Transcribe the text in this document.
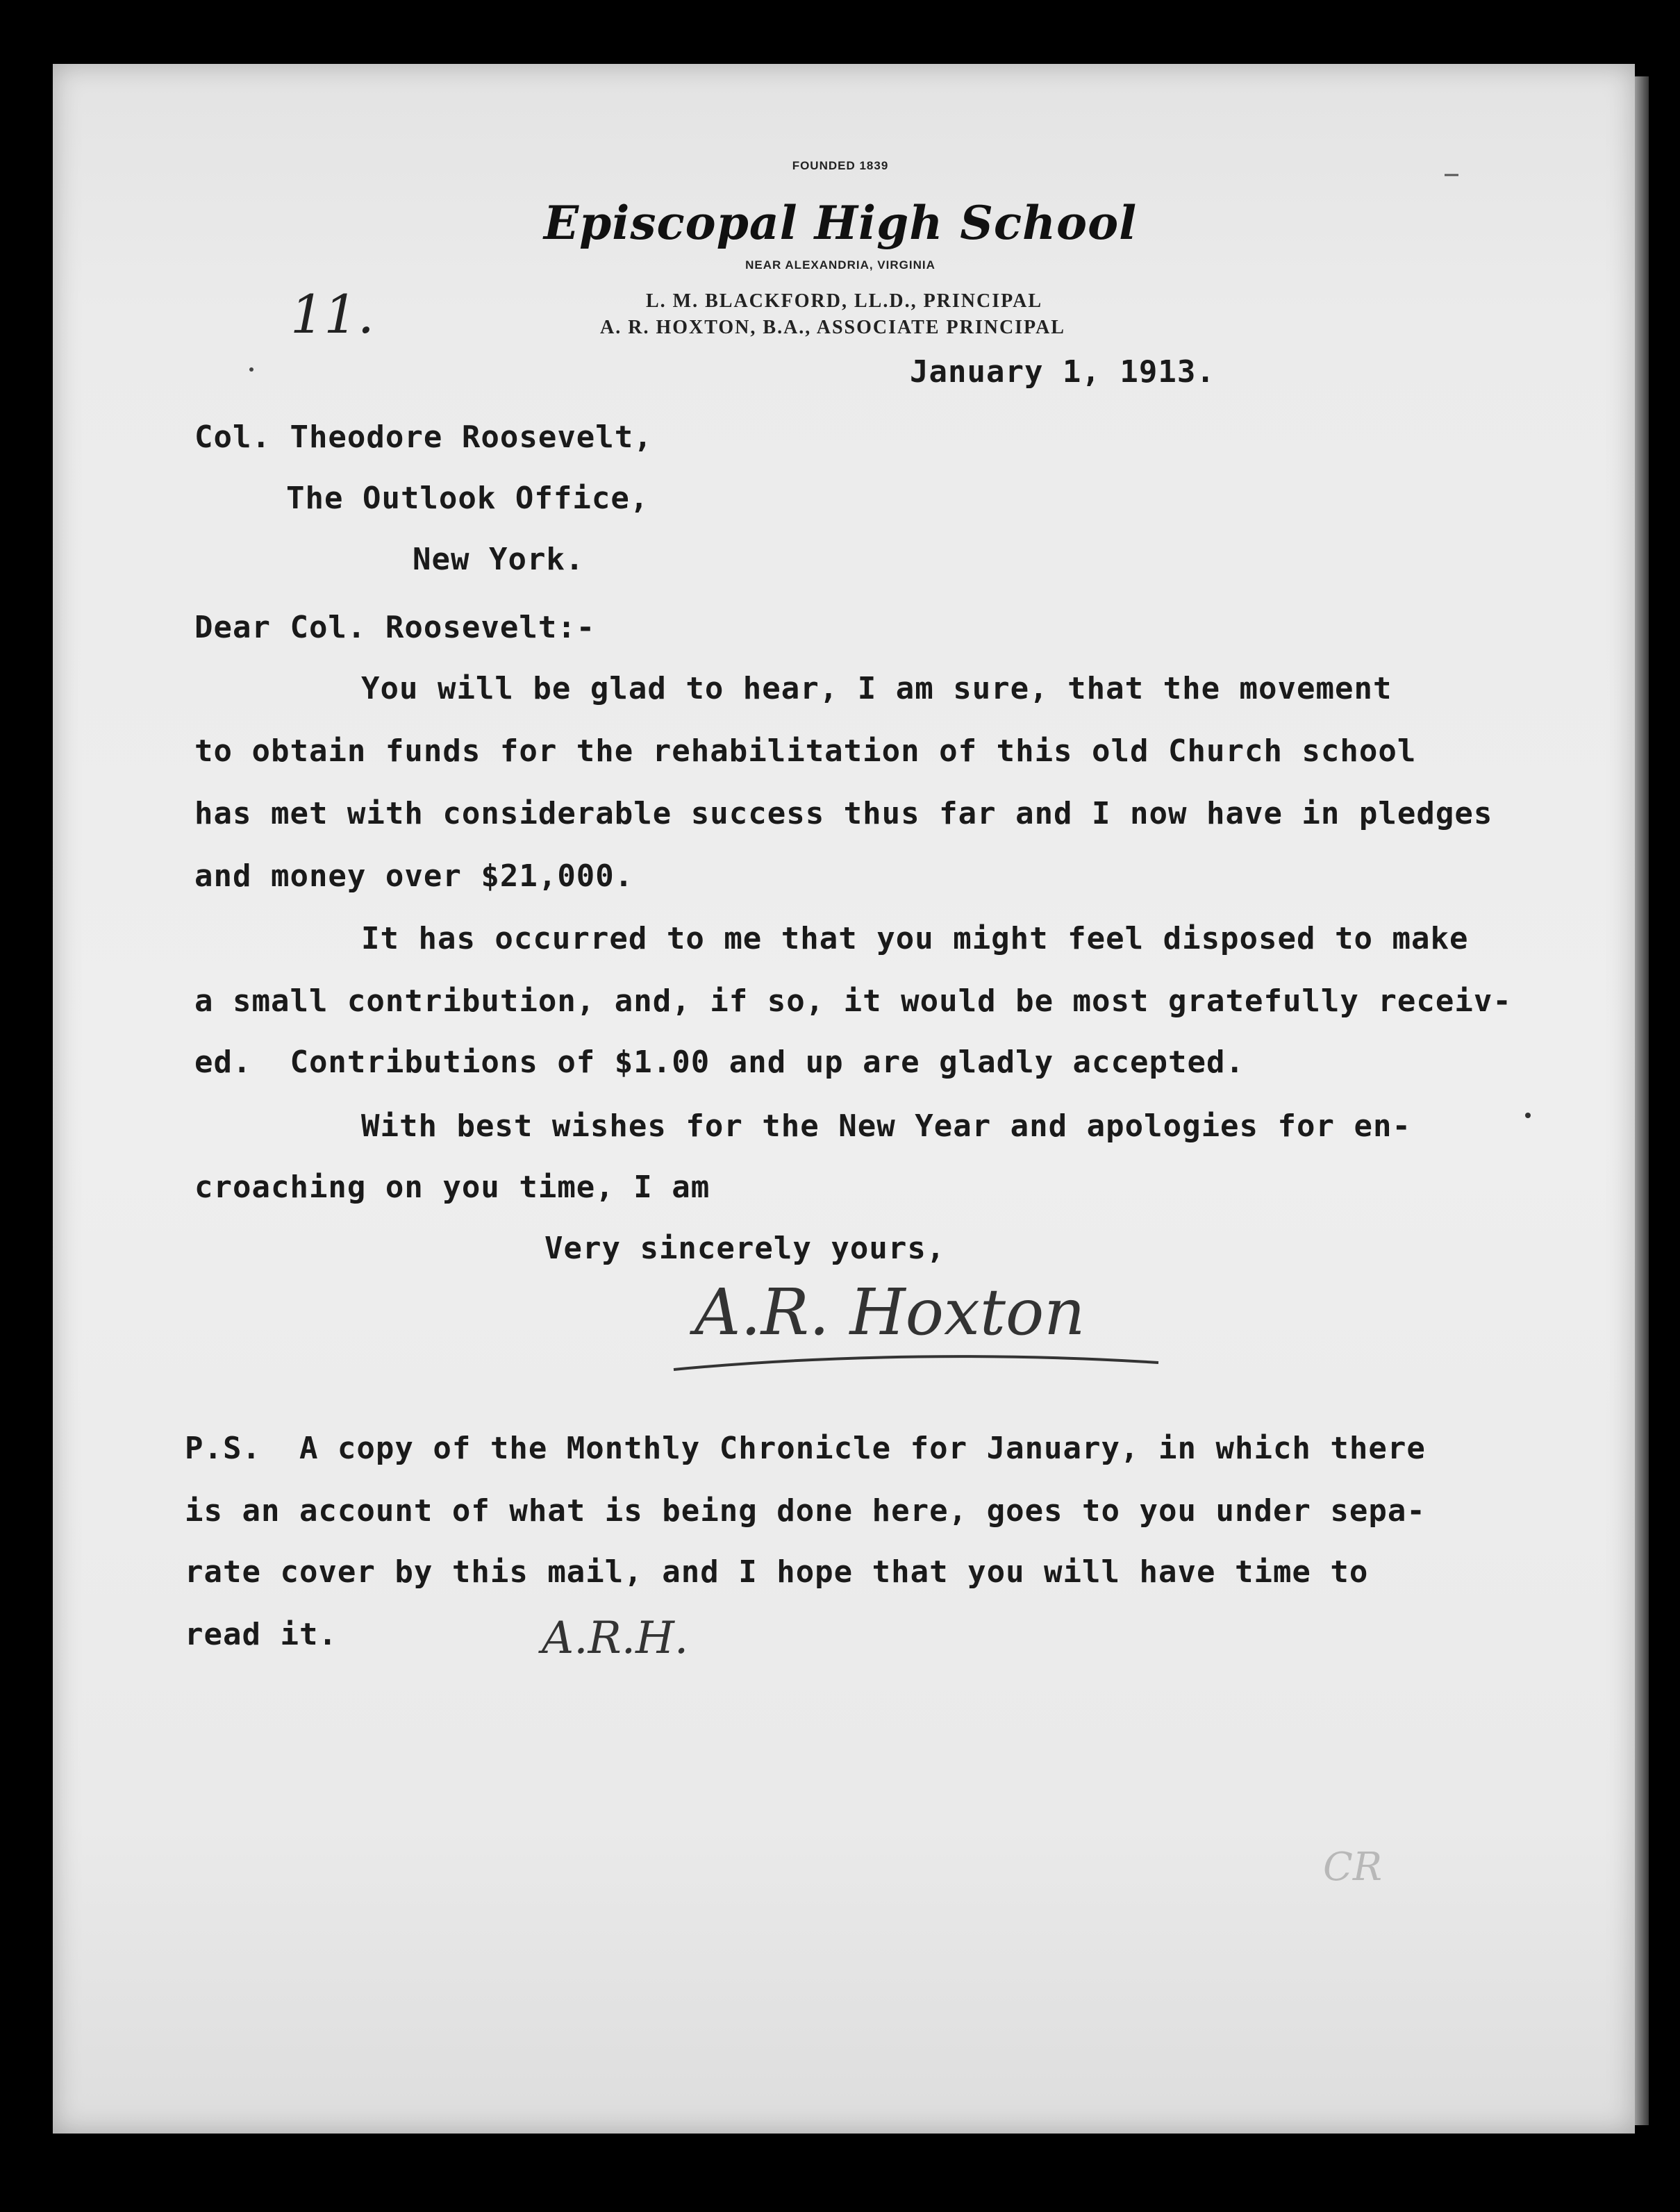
FOUNDED 1839
Episcopal High School
NEAR ALEXANDRIA, VIRGINIA
L. M. BLACKFORD, LL.D., PRINCIPAL
A. R. HOXTON, B.A., ASSOCIATE PRINCIPAL
11.
January 1, 1913.
Col. Theodore Roosevelt,
The Outlook Office,
New York.
Dear Col. Roosevelt:-
You will be glad to hear, I am sure, that the movement
to obtain funds for the rehabilitation of this old Church school
has met with considerable success thus far and I now have in pledges
and money over $21,000.
It has occurred to me that you might feel disposed to make
a small contribution, and, if so, it would be most gratefully receiv-
ed.  Contributions of $1.00 and up are gladly accepted.
With best wishes for the New Year and apologies for en-
croaching on you time, I am
Very sincerely yours,
A.R. Hoxton
P.S.  A copy of the Monthly Chronicle for January, in which there
is an account of what is being done here, goes to you under sepa-
rate cover by this mail, and I hope that you will have time to
read it.	A.R.H.
CR
